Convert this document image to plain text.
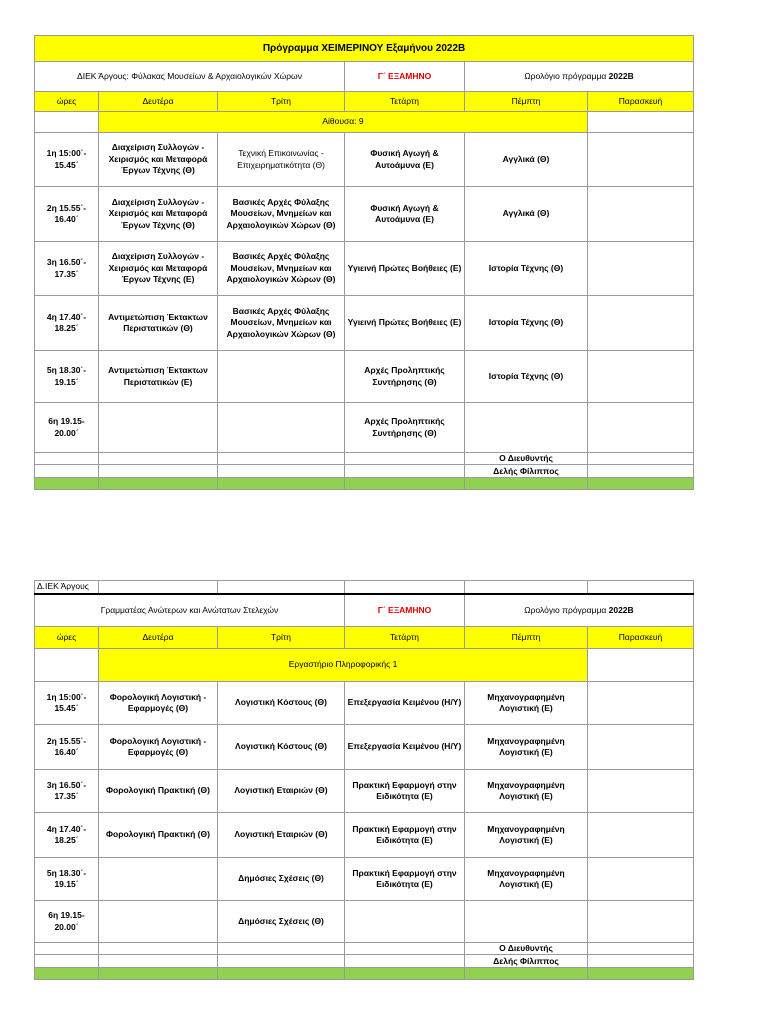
Πρόγραμμα ΧΕΙΜΕΡΙΝΟΥ Εξαμήνου 2022Β					
ΔΙΕΚ Άργους: Φύλακας Μουσείων & Αρχαιολογικών Χώρων			Γ΄ ΕΞΑΜΗΝΟ	Ωρολόγιο πρόγραμμα 2022Β	
ώρες	Δευτέρα	Τρίτη	Τετάρτη	Πέμπτη	Παρασκευή
	Αίθουσα: 9				
1η 15:00΄- 15.45΄	Διαχείριση Συλλογών - Χειρισμός και Μεταφορά Έργων Τέχνης (Θ)	Τεχνική Επικοινωνίας - Επιχειρηματικότητα (Θ)	Φυσική Αγωγή & Αυτοάμυνα (Ε)	Αγγλικά (Θ)	
2η 15.55΄- 16.40΄	Διαχείριση Συλλογών - Χειρισμός και Μεταφορά Έργων Τέχνης (Θ)	Βασικές Αρχές Φύλαξης Μουσείων, Μνημείων και Αρχαιολογικών Χώρων (Θ)	Φυσική Αγωγή & Αυτοάμυνα (Ε)	Αγγλικά (Θ)	
3η 16.50΄- 17.35΄	Διαχείριση Συλλογών - Χειρισμός και Μεταφορά Έργων Τέχνης (Ε)	Βασικές Αρχές Φύλαξης Μουσείων, Μνημείων και Αρχαιολογικών Χώρων (Θ)	Υγιεινή Πρώτες Βοήθειες (Ε)	Ιστορία Τέχνης (Θ)	
4η 17.40΄- 18.25΄	Αντιμετώπιση Έκτακτων Περιστατικών (Θ)	Βασικές Αρχές Φύλαξης Μουσείων, Μνημείων και Αρχαιολογικών Χώρων (Θ)	Υγιεινή Πρώτες Βοήθειες (Ε)	Ιστορία Τέχνης (Θ)	
5η 18.30΄- 19.15΄	Αντιμετώπιση Έκτακτων Περιστατικών (Ε)		Αρχές Προληπτικής Συντήρησης (Θ)	Ιστορία Τέχνης (Θ)	
6η 19.15- 20.00΄			Αρχές Προληπτικής Συντήρησης (Θ)		
				Ο Διευθυντής	
				Δελής Φίλιππος	

Δ.ΙΕΚ Άργους					
Γραμματέας Ανώτερων και Ανώτατων Στελεχών			Γ΄ ΕΞΑΜΗΝΟ	Ωρολόγιο πρόγραμμα 2022Β	
ώρες	Δευτέρα	Τρίτη	Τετάρτη	Πέμπτη	Παρασκευή
	Εργαστήριο Πληροφορικής 1				
1η 15:00΄- 15.45΄	Φορολογική Λογιστική - Εφαρμογές (Θ)	Λογιστική Κόστους (Θ)	Επεξεργασία Κειμένου (Η/Υ)	Μηχανογραφημένη Λογιστική (Ε)	
2η 15.55΄- 16.40΄	Φορολογική Λογιστική - Εφαρμογές (Θ)	Λογιστική Κόστους (Θ)	Επεξεργασία Κειμένου (Η/Υ)	Μηχανογραφημένη Λογιστική (Ε)	
3η 16.50΄- 17.35΄	Φορολογική Πρακτική (Θ)	Λογιστική Εταιριών (Θ)	Πρακτική Εφαρμογή στην Ειδικότητα (Ε)	Μηχανογραφημένη Λογιστική (Ε)	
4η 17.40΄- 18.25΄	Φορολογική Πρακτική (Θ)	Λογιστική Εταιριών (Θ)	Πρακτική Εφαρμογή στην Ειδικότητα (Ε)	Μηχανογραφημένη Λογιστική (Ε)	
5η 18.30΄- 19.15΄		Δημόσιες Σχέσεις (Θ)	Πρακτική Εφαρμογή στην Ειδικότητα (Ε)	Μηχανογραφημένη Λογιστική (Ε)	
6η 19.15- 20.00΄		Δημόσιες Σχέσεις (Θ)			
				Ο Διευθυντής	
				Δελής Φίλιππος	
